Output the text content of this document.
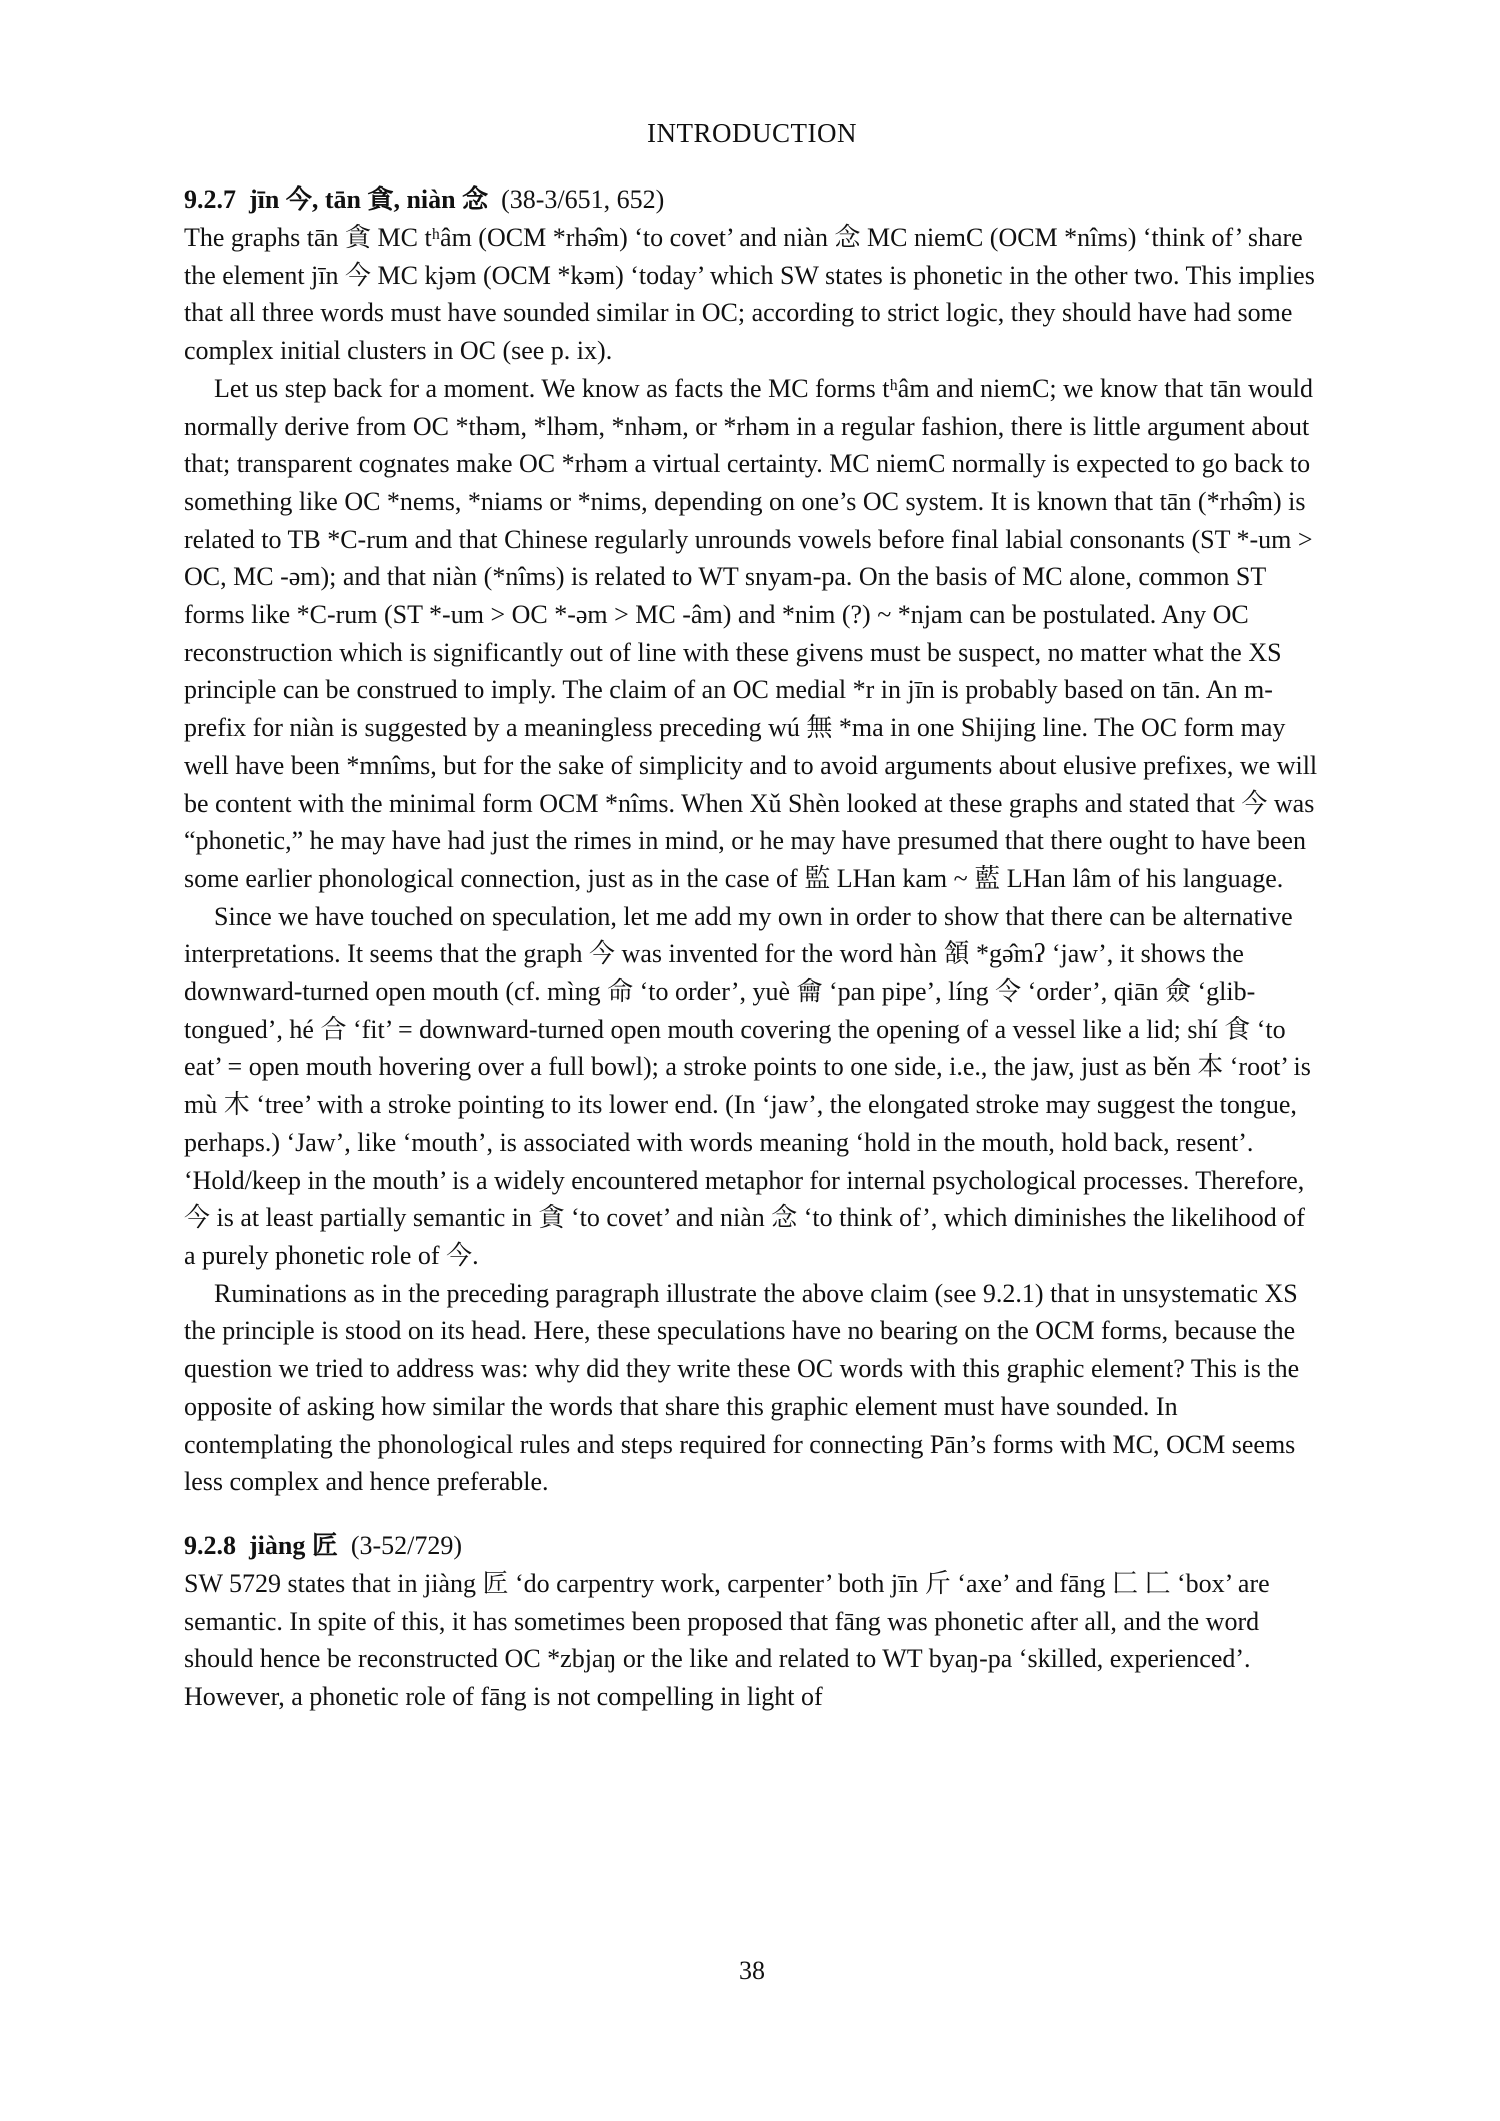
INTRODUCTION
9.2.7 jīn 今, tān 貪, niàn 念 (38-3/651, 652)

The graphs tān 貪 MC tʰâm (OCM *rhə̂m) ‘to covet’ and niàn 念 MC niemC (OCM *nîms) ‘think of’ share the element jīn 今 MC kjəm (OCM *kəm) ‘today’ which SW states is phonetic in the other two. This implies that all three words must have sounded similar in OC; according to strict logic, they should have had some complex initial clusters in OC (see p. ix).

Let us step back for a moment. We know as facts the MC forms tʰâm and niemC; we know that tān would normally derive from OC *thəm, *lhəm, *nhəm, or *rhəm in a regular fashion, there is little argument about that; transparent cognates make OC *rhəm a virtual certainty. MC niemC normally is expected to go back to something like OC *nems, *niams or *nims, depending on one’s OC system. It is known that tān (*rhə̂m) is related to TB *C-rum and that Chinese regularly unrounds vowels before final labial consonants (ST *-um > OC, MC -əm); and that niàn (*nîms) is related to WT snyam-pa. On the basis of MC alone, common ST forms like *C-rum (ST *-um > OC *-əm > MC -âm) and *nim (?) ~ *njam can be postulated. Any OC reconstruction which is significantly out of line with these givens must be suspect, no matter what the XS principle can be construed to imply. The claim of an OC medial *r in jīn is probably based on tān. An m-prefix for niàn is suggested by a meaningless preceding wú 無 *ma in one Shijing line. The OC form may well have been *mnîms, but for the sake of simplicity and to avoid arguments about elusive prefixes, we will be content with the minimal form OCM *nîms. When Xǔ Shèn looked at these graphs and stated that 今 was “phonetic,” he may have had just the rimes in mind, or he may have presumed that there ought to have been some earlier phonological connection, just as in the case of 監 LHan kam ~ 藍 LHan lâm of his language.

Since we have touched on speculation, let me add my own in order to show that there can be alternative interpretations. It seems that the graph 今 was invented for the word hàn 頷 *gə̂mʔ ‘jaw’, it shows the downward-turned open mouth (cf. mìng 命 ‘to order’, yuè 龠 ‘pan pipe’, líng 令 ‘order’, qiān 僉 ‘glib-tongued’, hé 合 ‘fit’ = downward-turned open mouth covering the opening of a vessel like a lid; shí 食 ‘to eat’ = open mouth hovering over a full bowl); a stroke points to one side, i.e., the jaw, just as běn 本 ‘root’ is mù 木 ‘tree’ with a stroke pointing to its lower end. (In ‘jaw’, the elongated stroke may suggest the tongue, perhaps.) ‘Jaw’, like ‘mouth’, is associated with words meaning ‘hold in the mouth, hold back, resent’. ‘Hold/keep in the mouth’ is a widely encountered metaphor for internal psychological processes. Therefore, 今 is at least partially semantic in 貪 ‘to covet’ and niàn 念 ‘to think of’, which diminishes the likelihood of a purely phonetic role of 今.

Ruminations as in the preceding paragraph illustrate the above claim (see 9.2.1) that in unsystematic XS the principle is stood on its head. Here, these speculations have no bearing on the OCM forms, because the question we tried to address was: why did they write these OC words with this graphic element? This is the opposite of asking how similar the words that share this graphic element must have sounded. In contemplating the phonological rules and steps required for connecting Pān’s forms with MC, OCM seems less complex and hence preferable.

9.2.8 jiàng 匠 (3-52/729)

SW 5729 states that in jiàng 匠 ‘do carpentry work, carpenter’ both jīn 斤 ‘axe’ and fāng 匚 匚 ‘box’ are semantic. In spite of this, it has sometimes been proposed that fāng was phonetic after all, and the word should hence be reconstructed OC *zbjaŋ or the like and related to WT byaŋ-pa ‘skilled, experienced’. However, a phonetic role of fāng is not compelling in light of

38
